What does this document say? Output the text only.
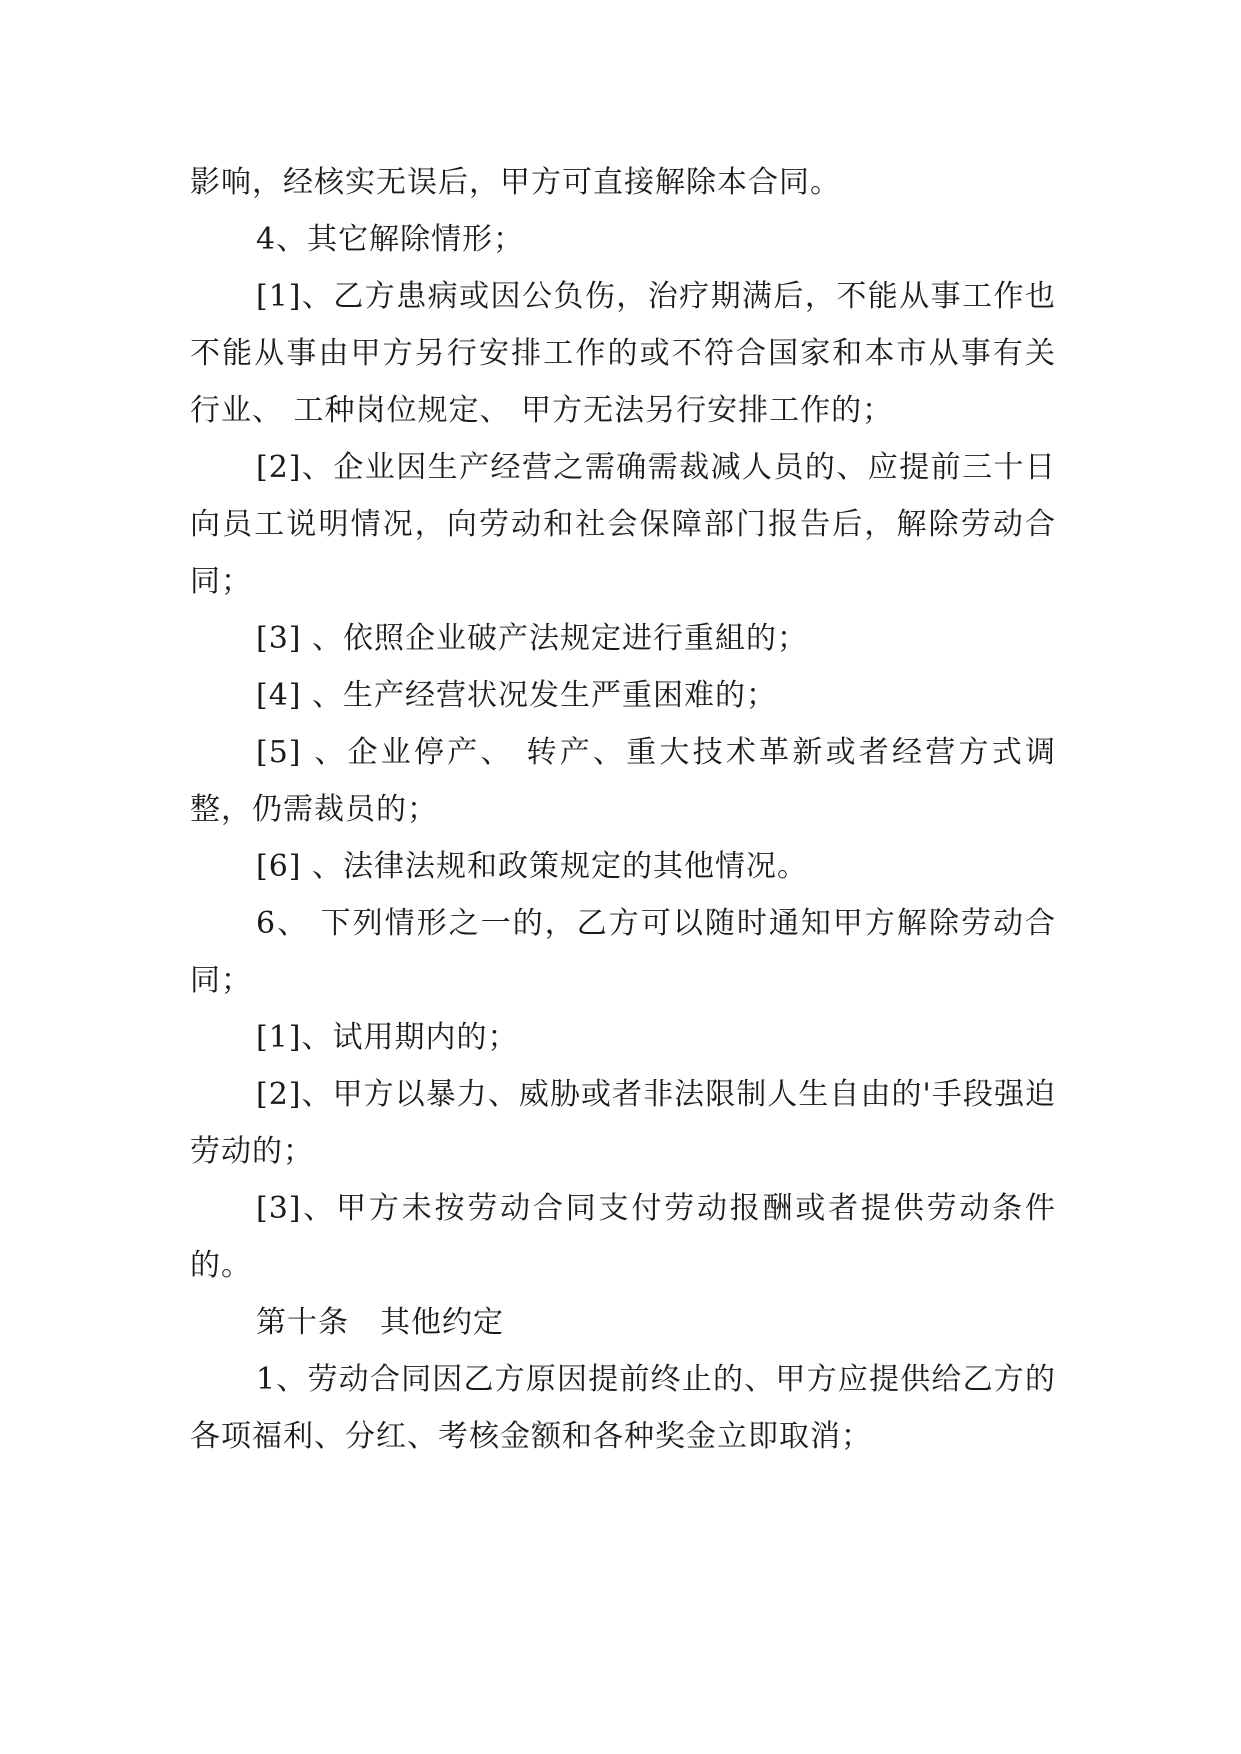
影响，经核实无误后，甲方可直接解除本合同。

4、其它解除情形；

[1]、乙方患病或因公负伤，治疗期满后，不能从事工作也不能从事由甲方另行安排工作的或不符合国家和本市从事有关行业、 工种岗位规定、 甲方无法另行安排工作的；

[2]、企业因生产经营之需确需裁减人员的、应提前三十日向员工说明情况，向劳动和社会保障部门报告后，解除劳动合同；

[3] 、依照企业破产法规定进行重組的；

[4] 、生产经营状况发生严重困难的；

[5] 、企业停产、 转产、重大技术革新或者经营方式调整，仍需裁员的；

[6] 、法律法规和政策规定的其他情况。

6、 下列情形之一的，乙方可以随时通知甲方解除劳动合同；

[1]、试用期内的；

[2]、甲方以暴力、威胁或者非法限制人生自由的'手段强迫劳动的；

[3]、甲方未按劳动合同支付劳动报酬或者提供劳动条件的。

第十条　其他约定

1、劳动合同因乙方原因提前终止的、甲方应提供给乙方的各项福利、分红、考核金额和各种奖金立即取消；
